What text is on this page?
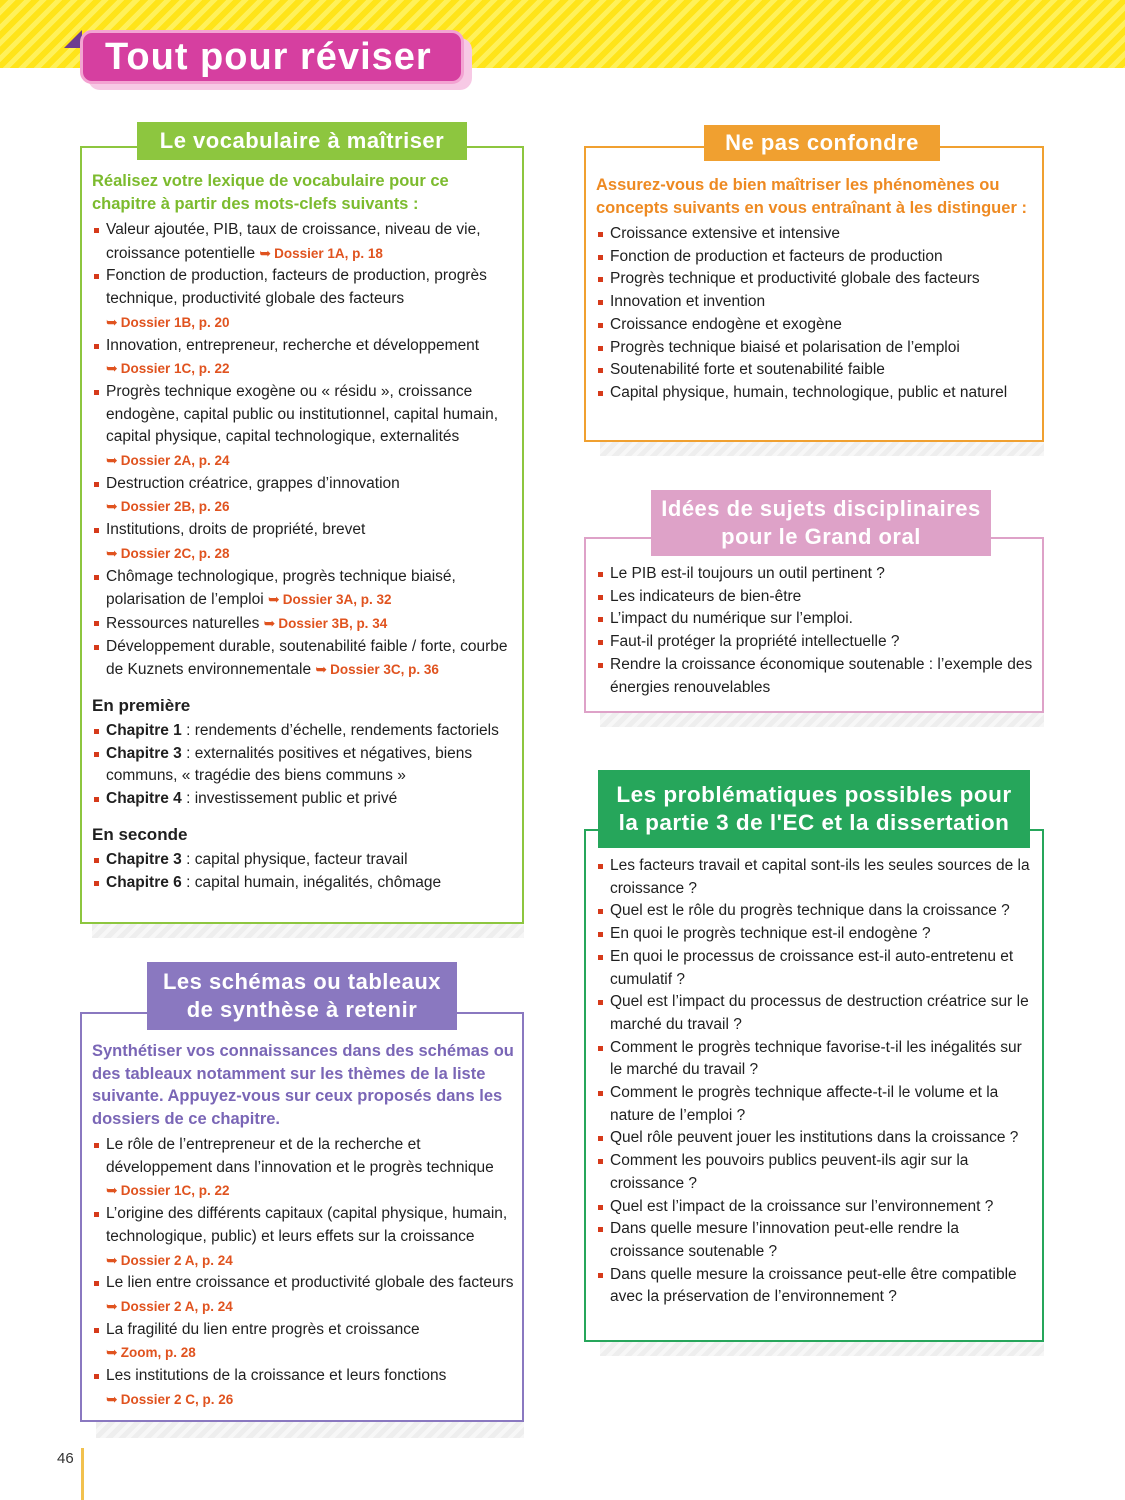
Tout pour réviser

Réalisez votre lexique de vocabulaire pour ce chapitre à partir des mots-clefs suivants :

Valeur ajoutée, PIB, taux de croissance, niveau de vie, croissance potentielle ➥ Dossier 1A, p. 18
Fonction de production, facteurs de production, progrès technique, productivité globale des facteurs
➥ Dossier 1B, p. 20
Innovation, entrepreneur, recherche et développement
➥ Dossier 1C, p. 22
Progrès technique exogène ou « résidu », croissance endogène, capital public ou institutionnel, capital humain, capital physique, capital technologique, externalités ➥ Dossier 2A, p. 24
Destruction créatrice, grappes d’innovation
➥ Dossier 2B, p. 26
Institutions, droits de propriété, brevet
➥ Dossier 2C, p. 28
Chômage technologique, progrès technique biaisé, polarisation de l’emploi ➥ Dossier 3A, p. 32
Ressources naturelles ➥ Dossier 3B, p. 34
Développement durable, soutenabilité faible / forte, courbe de Kuznets environnementale ➥ Dossier 3C, p. 36

En première

Chapitre 1 : rendements d’échelle, rendements factoriels
Chapitre 3 : externalités positives et négatives, biens communs, « tragédie des biens communs »
Chapitre 4 : investissement public et privé

En seconde

Chapitre 3 : capital physique, facteur travail
Chapitre 6 : capital humain, inégalités, chômage
Le vocabulaire à maîtriser

Assurez-vous de bien maîtriser les phénomènes ou concepts suivants en vous entraînant à les distinguer :

Croissance extensive et intensive
Fonction de production et facteurs de production
Progrès technique et productivité globale des facteurs
Innovation et invention
Croissance endogène et exogène
Progrès technique biaisé et polarisation de l’emploi
Soutenabilité forte et soutenabilité faible
Capital physique, humain, technologique, public et naturel
Ne pas confondre
Le PIB est-il toujours un outil pertinent ?
Les indicateurs de bien-être
L’impact du numérique sur l’emploi.
Faut-il protéger la propriété intellectuelle ?
Rendre la croissance économique soutenable : l’exemple des énergies renouvelables
Idées de sujets disciplinaires
pour le Grand oral

Synthétiser vos connaissances dans des schémas ou des tableaux notamment sur les thèmes de la liste suivante. Appuyez-vous sur ceux proposés dans les dossiers de ce chapitre.

Le rôle de l’entrepreneur et de la recherche et développement dans l’innovation et le progrès technique
➥ Dossier 1C, p. 22
L’origine des différents capitaux (capital physique, humain, technologique, public) et leurs effets sur la croissance ➥ Dossier 2 A, p. 24
Le lien entre croissance et productivité globale des facteurs ➥ Dossier 2 A, p. 24
La fragilité du lien entre progrès et croissance
➥ Zoom, p. 28
Les institutions de la croissance et leurs fonctions
➥ Dossier 2 C, p. 26
Les schémas ou tableaux
de synthèse à retenir
Les facteurs travail et capital sont-ils les seules sources de la croissance ?
Quel est le rôle du progrès technique dans la croissance ?
En quoi le progrès technique est-il endogène ?
En quoi le processus de croissance est-il auto-entretenu et cumulatif ?
Quel est l’impact du processus de destruction créatrice sur le marché du travail ?
Comment le progrès technique favorise-t-il les inégalités sur le marché du travail ?
Comment le progrès technique affecte-t-il le volume et la nature de l’emploi ?
Quel rôle peuvent jouer les institutions dans la croissance ?
Comment les pouvoirs publics peuvent-ils agir sur la croissance ?
Quel est l’impact de la croissance sur l’environnement ?
Dans quelle mesure l’innovation peut-elle rendre la croissance soutenable ?
Dans quelle mesure la croissance peut-elle être compatible avec la préservation de l’environnement ?
Les problématiques possibles pour
la partie 3 de l'EC et la dissertation
46
